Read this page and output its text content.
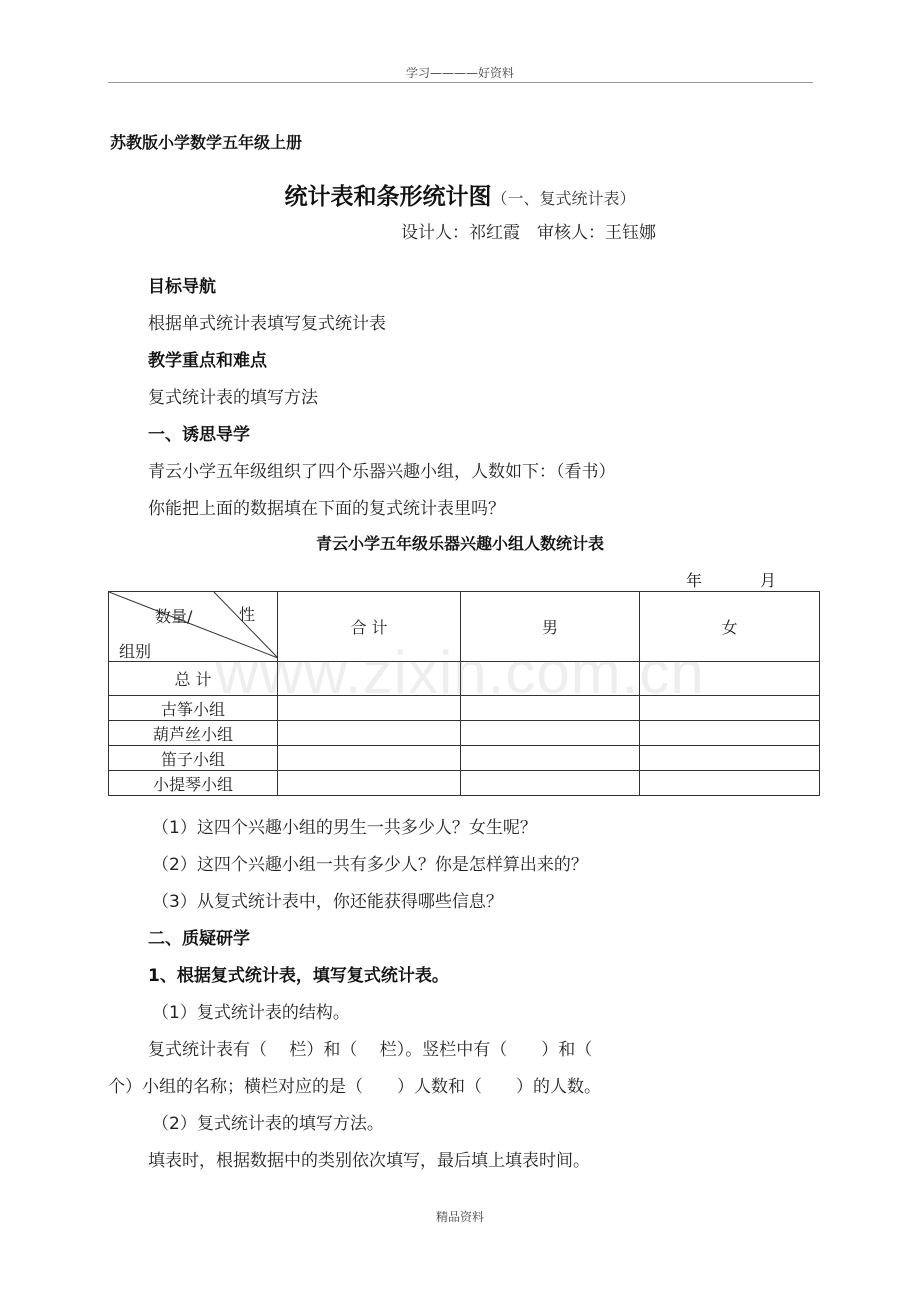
学习————好资料
苏教版小学数学五年级上册
统计表和条形统计图（一、复式统计表）
设计人：祁红霞　审核人：王钰娜
目标导航
根据单式统计表填写复式统计表
教学重点和难点
复式统计表的填写方法
一、诱思导学
青云小学五年级组织了四个乐器兴趣小组，人数如下：（看书）
你能把上面的数据填在下面的复式统计表里吗？
青云小学五年级乐器兴趣小组人数统计表
年	月
数量/ 性
组别	合 计	男	女
总 计			
古筝小组			
葫芦丝小组			
笛子小组			
小提琴小组			
www.zixin.com.cn
（1）这四个兴趣小组的男生一共多少人？女生呢？
（2）这四个兴趣小组一共有多少人？你是怎样算出来的？
（3）从复式统计表中，你还能获得哪些信息？
二、质疑研学
1、根据复式统计表，填写复式统计表。
（1）复式统计表的结构。
复式统计表有（　 栏）和（　 栏）。竖栏中有（　　）和（
个）小组的名称；横栏对应的是（　　）人数和（　　）的人数。
（2）复式统计表的填写方法。
填表时，根据数据中的类别依次填写，最后填上填表时间。
精品资料
